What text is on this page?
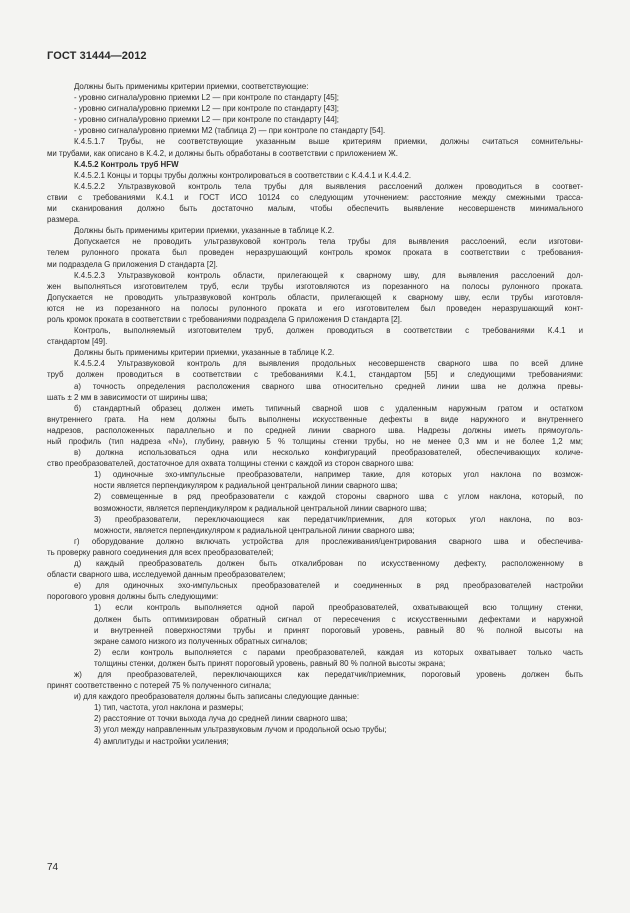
ГОСТ 31444—2012
Должны быть применимы критерии приемки, соответствующие:
- уровню сигнала/уровню приемки L2 — при контроле по стандарту [45];
- уровню сигнала/уровню приемки L2 — при контроле по стандарту [43];
- уровню сигнала/уровню приемки L2 — при контроле по стандарту [44];
- уровню сигнала/уровню приемки М2 (таблица 2) — при контроле по стандарту [54].
К.4.5.1.7 Трубы, не соответствующие указанным выше критериям приемки, должны считаться сомнительны-
ми трубами, как описано в К.4.2, и должны быть обработаны в соответствии с приложением Ж.
К.4.5.2 Контроль труб HFW
К.4.5.2.1 Концы и торцы трубы должны контролироваться в соответствии с К.4.4.1 и К.4.4.2.
К.4.5.2.2 Ультразвуковой контроль тела трубы для выявления расслоений должен проводиться в соответ-
ствии с требованиями К.4.1 и ГОСТ ИСО 10124 со следующим уточнением: расстояние между смежными трасса-
ми сканирования должно быть достаточно малым, чтобы обеспечить выявление несовершенств минимального
размера.
Должны быть применимы критерии приемки, указанные в таблице К.2.
Допускается не проводить ультразвуковой контроль тела трубы для выявления расслоений, если изготови-
телем рулонного проката был проведен неразрушающий контроль кромок проката в соответствии с требования-
ми подраздела G приложения D стандарта [2].
К.4.5.2.3 Ультразвуковой контроль области, прилегающей к сварному шву, для выявления расслоений дол-
жен выполняться изготовителем труб, если трубы изготовляются из порезанного на полосы рулонного проката.
Допускается не проводить ультразвуковой контроль области, прилегающей к сварному шву, если трубы изготовля-
ются не из порезанного на полосы рулонного проката и его изготовителем был проведен неразрушающий конт-
роль кромок проката в соответствии с требованиями подраздела G приложения D стандарта [2].
Контроль, выполняемый изготовителем труб, должен проводиться в соответствии с требованиями К.4.1 и
стандартом [49].
Должны быть применимы критерии приемки, указанные в таблице К.2.
К.4.5.2.4 Ультразвуковой контроль для выявления продольных несовершенств сварного шва по всей длине
труб должен проводиться в соответствии с требованиями К.4.1, стандартом [55] и следующими требованиями:
а) точность определения расположения сварного шва относительно средней линии шва не должна превы-
шать ± 2 мм в зависимости от ширины шва;
б) стандартный образец должен иметь типичный сварной шов с удаленным наружным гратом и остатком
внутреннего грата. На нем должны быть выполнены искусственные дефекты в виде наружного и внутреннего
надрезов, расположенных параллельно и по средней линии сварного шва. Надрезы должны иметь прямоуголь-
ный профиль (тип надреза «N»), глубину, равную 5 % толщины стенки трубы, но не менее 0,3 мм и не более 1,2 мм;
в) должна использоваться одна или несколько конфигураций преобразователей, обеспечивающих количе-
ство преобразователей, достаточное для охвата толщины стенки с каждой из сторон сварного шва:
1) одиночные эхо-импульсные преобразователи, например такие, для которых угол наклона по возмож-
ности является перпендикуляром к радиальной центральной линии сварного шва;
2) совмещенные в ряд преобразователи с каждой стороны сварного шва с углом наклона, который, по
возможности, является перпендикуляром к радиальной центральной линии сварного шва;
3) преобразователи, переключающиеся как передатчик/приемник, для которых угол наклона, по воз-
можности, является перпендикуляром к радиальной центральной линии сварного шва;
г) оборудование должно включать устройства для прослеживания/центрирования сварного шва и обеспечива-
ть проверку равного соединения для всех преобразователей;
д) каждый преобразователь должен быть откалиброван по искусственному дефекту, расположенному в
области сварного шва, исследуемой данным преобразователем;
е) для одиночных эхо-импульсных преобразователей и соединенных в ряд преобразователей настройки
порогового уровня должны быть следующими:
1) если контроль выполняется одной парой преобразователей, охватывающей всю толщину стенки,
должен быть оптимизирован обратный сигнал от пересечения с искусственными дефектами и наружной
и внутренней поверхностями трубы и принят пороговый уровень, равный 80 % полной высоты на
экране самого низкого из полученных обратных сигналов;
2) если контроль выполняется с парами преобразователей, каждая из которых охватывает только часть
толщины стенки, должен быть принят пороговый уровень, равный 80 % полной высоты экрана;
ж) для преобразователей, переключающихся как передатчик/приемник, пороговый уровень должен быть
принят соответственно с потерей 75 % полученного сигнала;
и) для каждого преобразователя должны быть записаны следующие данные:
1) тип, частота, угол наклона и размеры;
2) расстояние от точки выхода луча до средней линии сварного шва;
3) угол между направленным ультразвуковым лучом и продольной осью трубы;
4) амплитуды и настройки усиления;
74
